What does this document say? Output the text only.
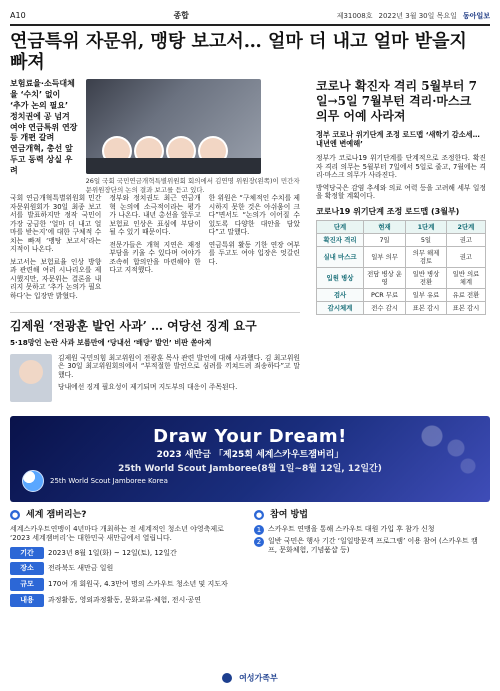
A10	종합	제31008호 2022년 3월 30일 목요일 동아일보
연금특위 자문위, 맹탕 보고서… 얼마 더 내고 얼마 받을지 빠져
보험료율·소득대체율 ‘수치’ 없이
‘추가 논의 필요’ 정치권에 공 넘겨
여야 연금특위 연장 등 개편 갈려
연금개혁, 총선 앞두고 동력 상실 우려
26일 국회 국민연금개혁특별위원회 회의에서 김연명 위원장(왼쪽)이 민간자문위원장단의 논의 결과 보고를 듣고 있다.

국회 연금개혁특별위원회 민간자문위원회가 30일 최종 보고서를 발표하지만 정작 국민이 가장 궁금한 ‘얼마 더 내고 얼마를 받는지’에 대한 구체적 수치는 빠져 ‘맹탕 보고서’라는 지적이 나온다.

보고서는 보험료율 인상 방향과 관련해 여러 시나리오를 제시했지만, 자문위는 결론을 내리지 못하고 ‘추가 논의가 필요하다’는 입장만 밝혔다.

정부와 정치권도 최근 연금개혁 논의에 소극적이라는 평가가 나온다. 내년 총선을 앞두고 보험료 인상은 표심에 부담이 될 수 있기 때문이다.

전문가들은 개혁 지연은 재정 부담을 키울 수 있다며 여야가 조속히 합의안을 마련해야 한다고 지적했다.

한 위원은 “구체적인 수치를 제시하지 못한 것은 아쉬움이 크다”면서도 “논의가 이어질 수 있도록 다양한 대안을 담았다”고 말했다.

연금특위 활동 기한 연장 여부를 두고도 여야 입장은 엇갈린다.

김제원 ‘전광훈 발언 사과’ … 여당선 징계 요구
5·18망언 논란 사과 보름만에 ‘당내선 ‘배당’ 발언’ 비판 쏟아져

김제원 국민의힘 최고위원이 전광훈 목사 관련 발언에 대해 사과했다. 김 최고위원은 30일 최고위원회의에서 “부적절한 발언으로 심려를 끼쳐드려 죄송하다”고 말했다.

당내에선 징계 필요성이 제기되며 지도부의 대응이 주목된다.

코로나 확진자 격리 5월부터 7일→5일 7월부턴 격리·마스크 의무 어예 사라져
정부 코로나 위기단계 조정 로드맵 ‘새학기 감소세… 내년엔 변예해’

정부가 코로나19 위기단계를 단계적으로 조정한다. 확진자 격리 의무는 5월부터 7일에서 5일로 줄고, 7월에는 격리·마스크 의무가 사라진다.

방역당국은 감염 추세와 의료 여력 등을 고려해 세부 일정을 확정할 계획이다.

코로나19 위기단계 조정 로드맵 (3월부)
단계	현재	1단계	2단계
확진자 격리	7일	5일	권고
실내 마스크	일부 의무	의무 해제 검토	권고
입원 병상	전담 병상 운영	일반 병상 전환	일반 의료체계
검사	PCR 무료	일부 유료	유료 전환
감시체계	전수 감시	표본 감시	표본 감시
Draw Your Dream!
2023 새만금 「제25회 세계스카우트잼버리」
25th World Scout Jamboree(8월 1일~8월 12일, 12일간)
25th World Scout Jamboree Korea
● 세계 잼버리는?
세계스카우트연맹이 4년마다 개최하는 전 세계적인 청소년 야영축제로 ‘2023 세계잼버리’는 대한민국 새만금에서 열립니다.
기간	2023년 8월 1일(화) ~ 12일(토), 12일간
장소	전라북도 새만금 일원
규모	170여 개 회원국, 4.3만여 명의 스카우트 청소년 및 지도자
내용	과정활동, 영외과정활동, 문화교류·체험, 전시·공연
● 참여 방법
1 스카우트 연맹을 통해 스카우트 대원 가입 후 참가 신청
2 일반 국민은 행사 기간 ‘일일방문객 프로그램’ 이용 참여 (스카우트 캠프, 문화체험, 기념품샵 등)
여성가족부
